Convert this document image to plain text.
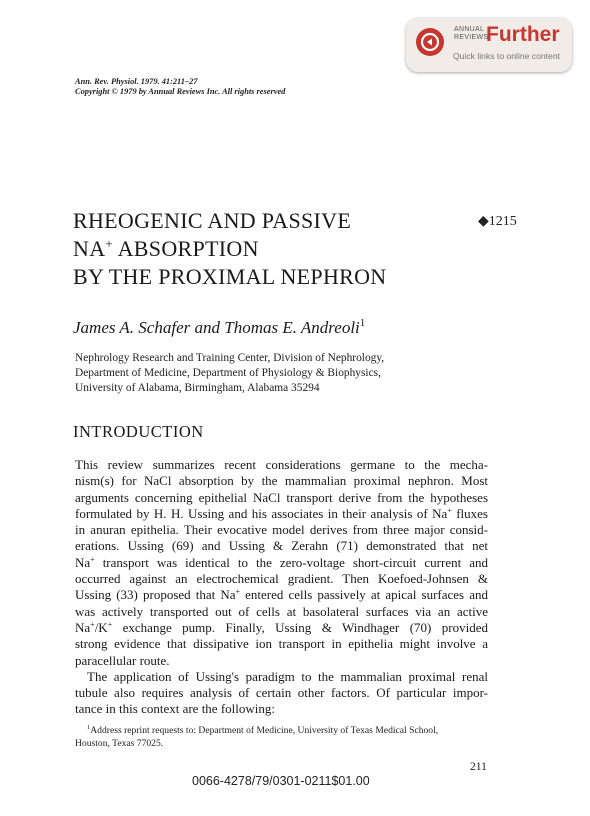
ANNUAL
REVIEWS
Further
Quick links to online content
Ann. Rev. Physiol. 1979. 41:211–27
Copyright © 1979 by Annual Reviews Inc. All rights reserved
◆1215
RHEOGENIC AND PASSIVE
NA+ ABSORPTION
BY THE PROXIMAL NEPHRON
James A. Schafer and Thomas E. Andreoli$^1$
Nephrology Research and Training Center, Division of Nephrology,
Department of Medicine, Department of Physiology & Biophysics,
University of Alabama, Birmingham, Alabama 35294
INTRODUCTION
This review summarizes recent considerations germane to the mecha-
nism(s) for NaCl absorption by the mammalian proximal nephron. Most
arguments concerning epithelial NaCl transport derive from the hypotheses
formulated by H. H. Ussing and his associates in their analysis of Na+ fluxes
in anuran epithelia. Their evocative model derives from three major consid-
erations. Ussing (69) and Ussing & Zerahn (71) demonstrated that net
Na+ transport was identical to the zero-voltage short-circuit current and
occurred against an electrochemical gradient. Then Koefoed-Johnsen &
Ussing (33) proposed that Na+ entered cells passively at apical surfaces and
was actively transported out of cells at basolateral surfaces via an active
Na+/K+ exchange pump. Finally, Ussing & Windhager (70) provided
strong evidence that dissipative ion transport in epithelia might involve a
paracellular route.
The application of Ussing's paradigm to the mammalian proximal renal
tubule also requires analysis of certain other factors. Of particular impor-
tance in this context are the following:
$^1$Address reprint requests to: Department of Medicine, University of Texas Medical School,
Houston, Texas 77025.
211
0066-4278/79/0301-0211$01.00
